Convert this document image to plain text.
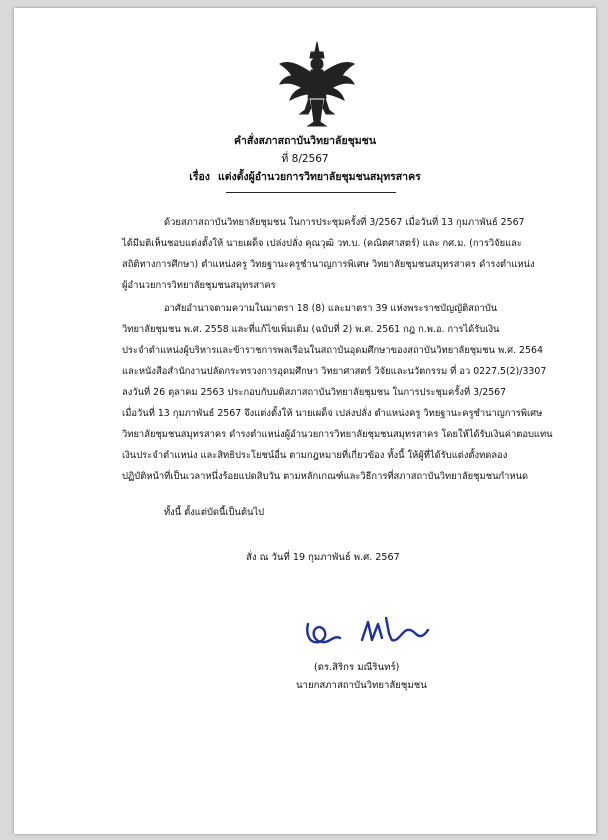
คำสั่งสภาสถาบันวิทยาลัยชุมชน
ที่ 8/2567
เรื่อง แต่งตั้งผู้อำนวยการวิทยาลัยชุมชนสมุทรสาคร
ด้วยสภาสถาบันวิทยาลัยชุมชน ในการประชุมครั้งที่ 3/2567 เมื่อวันที่ 13 กุมภาพันธ์ 2567
ได้มีมติเห็นชอบแต่งตั้งให้ นายเผด็จ เปล่งปลั่ง คุณวุฒิ วท.บ. (คณิตศาสตร์) และ กศ.ม. (การวิจัยและ
สถิติทางการศึกษา) ตำแหน่งครู วิทยฐานะครูชำนาญการพิเศษ วิทยาลัยชุมชนสมุทรสาคร ดำรงตำแหน่ง
ผู้อำนวยการวิทยาลัยชุมชนสมุทรสาคร
อาศัยอำนาจตามความในมาตรา 18 (8) และมาตรา 39 แห่งพระราชบัญญัติสถาบัน
วิทยาลัยชุมชน พ.ศ. 2558 และที่แก้ไขเพิ่มเติม (ฉบับที่ 2) พ.ศ. 2561 กฎ ก.พ.อ. การได้รับเงิน
ประจำตำแหน่งผู้บริหารและข้าราชการพลเรือนในสถาบันอุดมศึกษาของสถาบันวิทยาลัยชุมชน พ.ศ. 2564
และหนังสือสำนักงานปลัดกระทรวงการอุดมศึกษา วิทยาศาสตร์ วิจัยและนวัตกรรม ที่ อว 0227.5(2)/3307
ลงวันที่ 26 ตุลาคม 2563 ประกอบกับมติสภาสถาบันวิทยาลัยชุมชน ในการประชุมครั้งที่ 3/2567
เมื่อวันที่ 13 กุมภาพันธ์ 2567 จึงแต่งตั้งให้ นายเผด็จ เปล่งปลั่ง ตำแหน่งครู วิทยฐานะครูชำนาญการพิเศษ
วิทยาลัยชุมชนสมุทรสาคร ดำรงตำแหน่งผู้อำนวยการวิทยาลัยชุมชนสมุทรสาคร โดยให้ได้รับเงินค่าตอบแทน
เงินประจำตำแหน่ง และสิทธิประโยชน์อื่น ตามกฎหมายที่เกี่ยวข้อง ทั้งนี้ ให้ผู้ที่ได้รับแต่งตั้งทดลอง
ปฏิบัติหน้าที่เป็นเวลาหนึ่งร้อยแปดสิบวัน ตามหลักเกณฑ์และวิธีการที่สภาสถาบันวิทยาลัยชุมชนกำหนด
ทั้งนี้ ตั้งแต่บัดนี้เป็นต้นไป
สั่ง ณ วันที่ 19 กุมภาพันธ์ พ.ศ. 2567
(ดร.สิริกร มณีรินทร์)
นายกสภาสถาบันวิทยาลัยชุมชน
